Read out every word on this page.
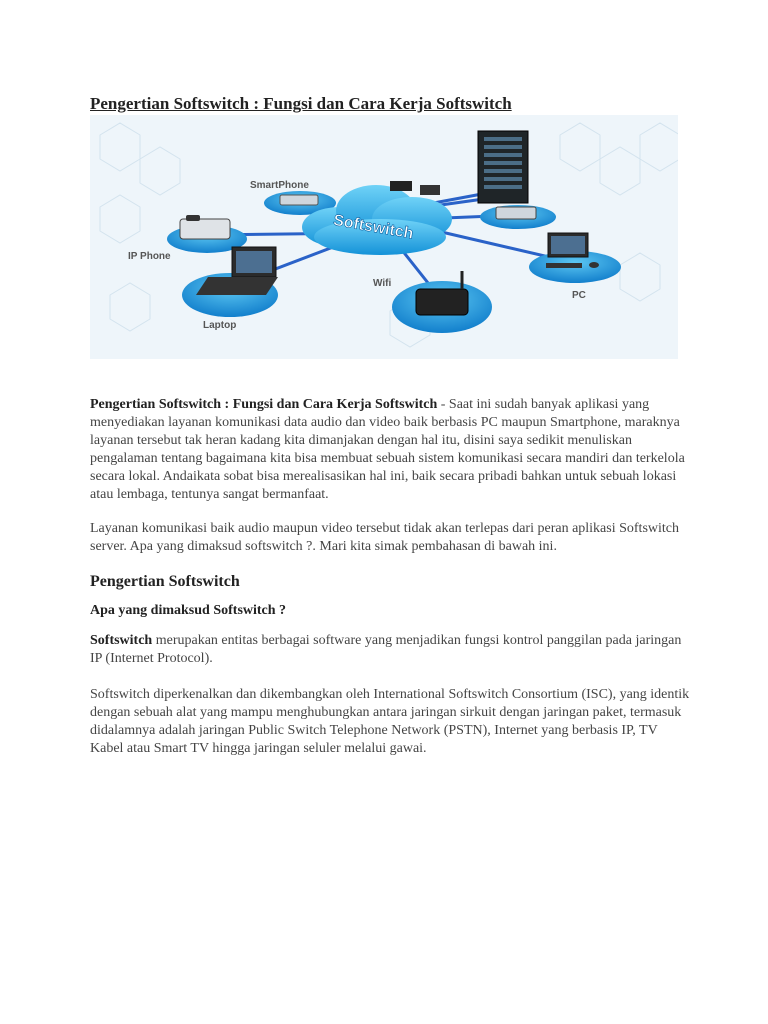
Pengertian Softswitch : Fungsi dan Cara Kerja Softswitch
SmartPhone
IP Phone
Laptop
Softswitch
PC
Wifi

Pengertian Softswitch : Fungsi dan Cara Kerja Softswitch - Saat ini sudah banyak aplikasi yang menyediakan layanan komunikasi data audio dan video baik berbasis PC maupun Smartphone, maraknya layanan tersebut tak heran kadang kita dimanjakan dengan hal itu, disini saya sedikit menuliskan pengalaman tentang bagaimana kita bisa membuat sebuah sistem komunikasi secara mandiri dan terkelola secara lokal. Andaikata sobat bisa merealisasikan hal ini, baik secara pribadi bahkan untuk sebuah lokasi atau lembaga, tentunya sangat bermanfaat.

Layanan komunikasi baik audio maupun video tersebut tidak akan terlepas dari peran aplikasi Softswitch server. Apa yang dimaksud softswitch ?. Mari kita simak pembahasan di bawah ini.

Pengertian Softswitch
Apa yang dimaksud Softswitch ?

Softswitch merupakan entitas berbagai software yang menjadikan fungsi kontrol panggilan pada jaringan IP (Internet Protocol).

Softswitch diperkenalkan dan dikembangkan oleh International Softswitch Consortium (ISC), yang identik dengan sebuah alat yang mampu menghubungkan antara jaringan sirkuit dengan jaringan paket, termasuk didalamnya adalah jaringan Public Switch Telephone Network (PSTN), Internet yang berbasis IP, TV Kabel atau Smart TV hingga jaringan seluler melalui gawai.
